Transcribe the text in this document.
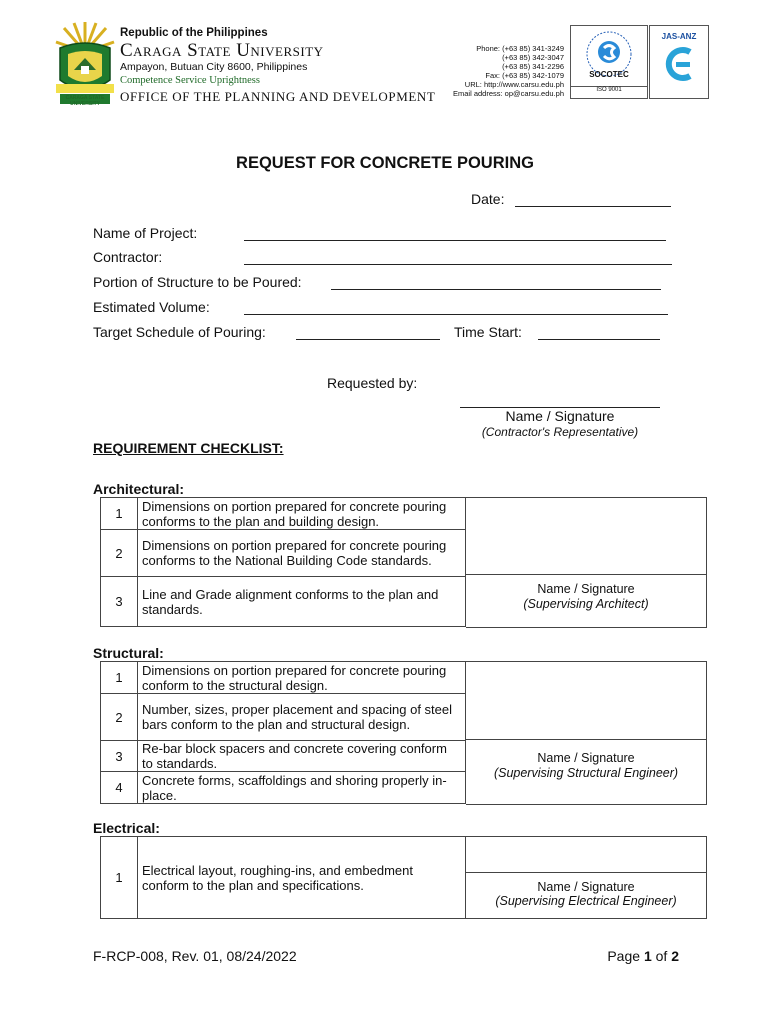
CARAGA STATE UNIVERSITY
Republic of the Philippines
Caraga State University
Ampayon, Butuan City 8600, Philippines
Competence Service Uprightness
OFFICE OF THE PLANNING AND DEVELOPMENT
Phone: (+63 85) 341-3249
(+63 85) 342-3047
(+63 85) 341-2296
Fax: (+63 85) 342-1079
URL: http://www.carsu.edu.ph
Email address: op@carsu.edu.ph
SOCOTEC
ISO 9001
JAS-ANZ
REQUEST FOR CONCRETE POURING
Date:
Name of Project:
Contractor:
Portion of Structure to be Poured:
Estimated Volume:
Target Schedule of Pouring:	Time Start:
Requested by:
Name / Signature
(Contractor's Representative)
REQUIREMENT CHECKLIST:
Architectural:
1	Dimensions on portion prepared for concrete pouring conforms to the plan and building design.
2	Dimensions on portion prepared for concrete pouring conforms to the National Building Code standards.
3	Line and Grade alignment conforms to the plan and standards.
Name / Signature
(Supervising Architect)
Structural:
1	Dimensions on portion prepared for concrete pouring conform to the structural design.
2	Number, sizes, proper placement and spacing of steel bars conform to the plan and structural design.
3	Re-bar block spacers and concrete covering conform to standards.
4	Concrete forms, scaffoldings and shoring properly in-place.
Name / Signature
(Supervising Structural Engineer)
Electrical:
1	Electrical layout, roughing-ins, and embedment conform to the plan and specifications.	Name / Signature
(Supervising Electrical Engineer)
F-RCP-008, Rev. 01, 08/24/2022	Page 1 of 2
